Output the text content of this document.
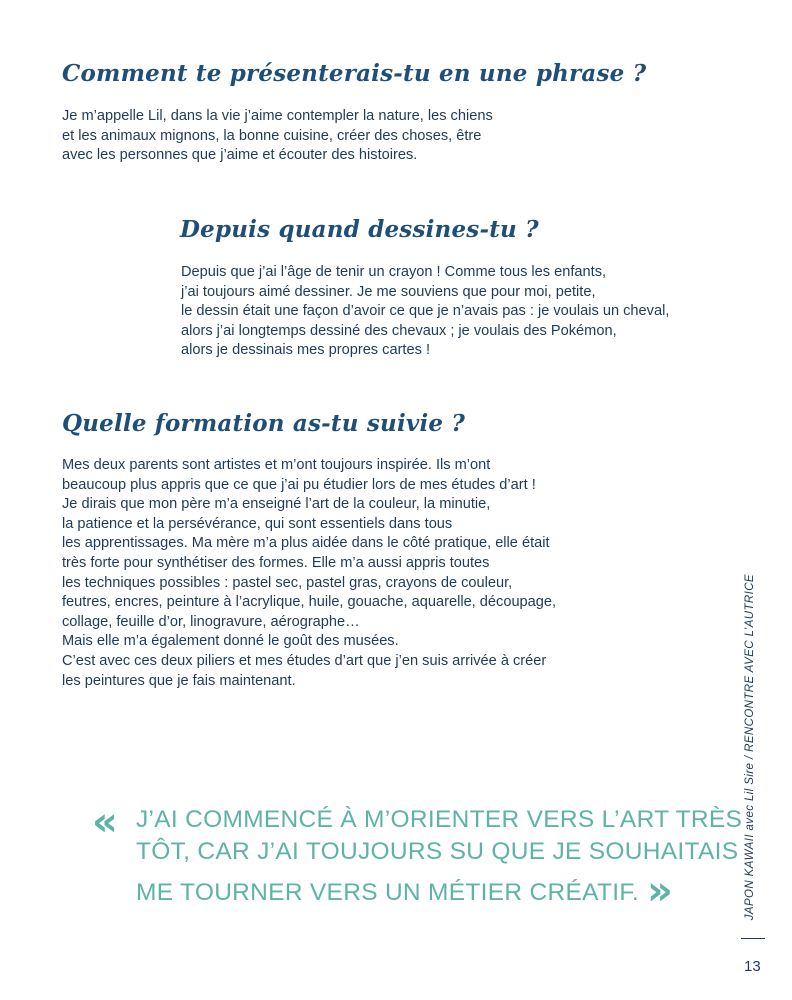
Comment te présenterais-tu en une phrase ?
Je m’appelle Lil, dans la vie j’aime contempler la nature, les chiens
et les animaux mignons, la bonne cuisine, créer des choses, être
avec les personnes que j’aime et écouter des histoires.
Depuis quand dessines-tu ?
Depuis que j’ai l’âge de tenir un crayon ! Comme tous les enfants,
j’ai toujours aimé dessiner. Je me souviens que pour moi, petite,
le dessin était une façon d’avoir ce que je n’avais pas : je voulais un cheval,
alors j’ai longtemps dessiné des chevaux ; je voulais des Pokémon,
alors je dessinais mes propres cartes !
Quelle formation as-tu suivie ?
Mes deux parents sont artistes et m’ont toujours inspirée. Ils m’ont
beaucoup plus appris que ce que j’ai pu étudier lors de mes études d’art !
Je dirais que mon père m’a enseigné l’art de la couleur, la minutie,
la patience et la persévérance, qui sont essentiels dans tous
les apprentissages. Ma mère m’a plus aidée dans le côté pratique, elle était
très forte pour synthétiser des formes. Elle m’a aussi appris toutes
les techniques possibles : pastel sec, pastel gras, crayons de couleur,
feutres, encres, peinture à l’acrylique, huile, gouache, aquarelle, découpage,
collage, feuille d’or, linogravure, aérographe…
Mais elle m’a également donné le goût des musées.
C’est avec ces deux piliers et mes études d’art que j’en suis arrivée à créer
les peintures que je fais maintenant.
« J’AI COMMENCÉ À M’ORIENTER VERS L’ART TRÈS
TÔT, CAR J’AI TOUJOURS SU QUE JE SOUHAITAIS
ME TOURNER VERS UN MÉTIER CRÉATIF. »	JAPON KAWAII avec Lil Sire / RENCONTRE AVEC L’AUTRICE
13
